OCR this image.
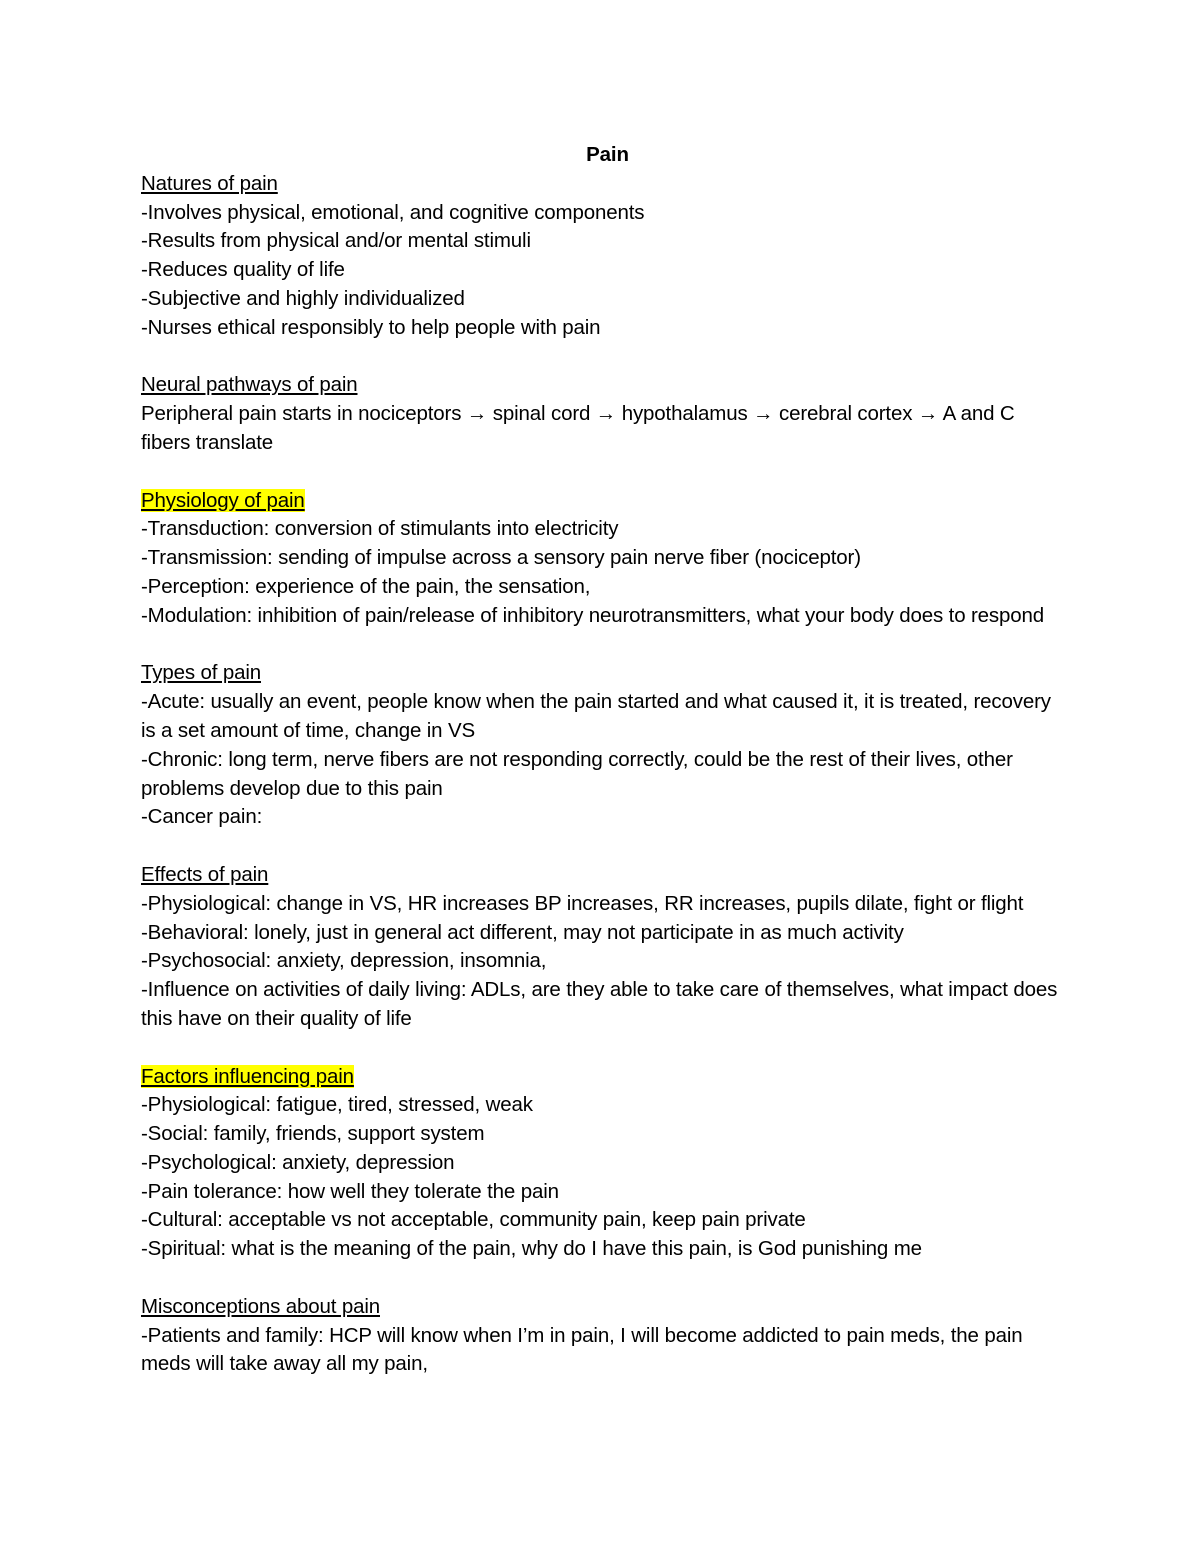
Pain

Natures of pain

-Involves physical, emotional, and cognitive components

-Results from physical and/or mental stimuli

-Reduces quality of life

-Subjective and highly individualized

-Nurses ethical responsibly to help people with pain

Neural pathways of pain

Peripheral pain starts in nociceptors → spinal cord → hypothalamus → cerebral cortex → A and C fibers translate

Physiology of pain

-Transduction: conversion of stimulants into electricity

-Transmission: sending of impulse across a sensory pain nerve fiber (nociceptor)

-Perception: experience of the pain, the sensation,

-Modulation: inhibition of pain/release of inhibitory neurotransmitters, what your body does to respond

Types of pain

-Acute: usually an event, people know when the pain started and what caused it, it is treated, recovery is a set amount of time, change in VS

-Chronic: long term, nerve fibers are not responding correctly, could be the rest of their lives, other problems develop due to this pain

-Cancer pain:

Effects of pain

-Physiological: change in VS, HR increases BP increases, RR increases, pupils dilate, fight or flight

-Behavioral: lonely, just in general act different, may not participate in as much activity

-Psychosocial: anxiety, depression, insomnia,

-Influence on activities of daily living: ADLs, are they able to take care of themselves, what impact does this have on their quality of life

Factors influencing pain

-Physiological: fatigue, tired, stressed, weak

-Social: family, friends, support system

-Psychological: anxiety, depression

-Pain tolerance: how well they tolerate the pain

-Cultural: acceptable vs not acceptable, community pain, keep pain private

-Spiritual: what is the meaning of the pain, why do I have this pain, is God punishing me

Misconceptions about pain

-Patients and family: HCP will know when I’m in pain, I will become addicted to pain meds, the pain meds will take away all my pain,
